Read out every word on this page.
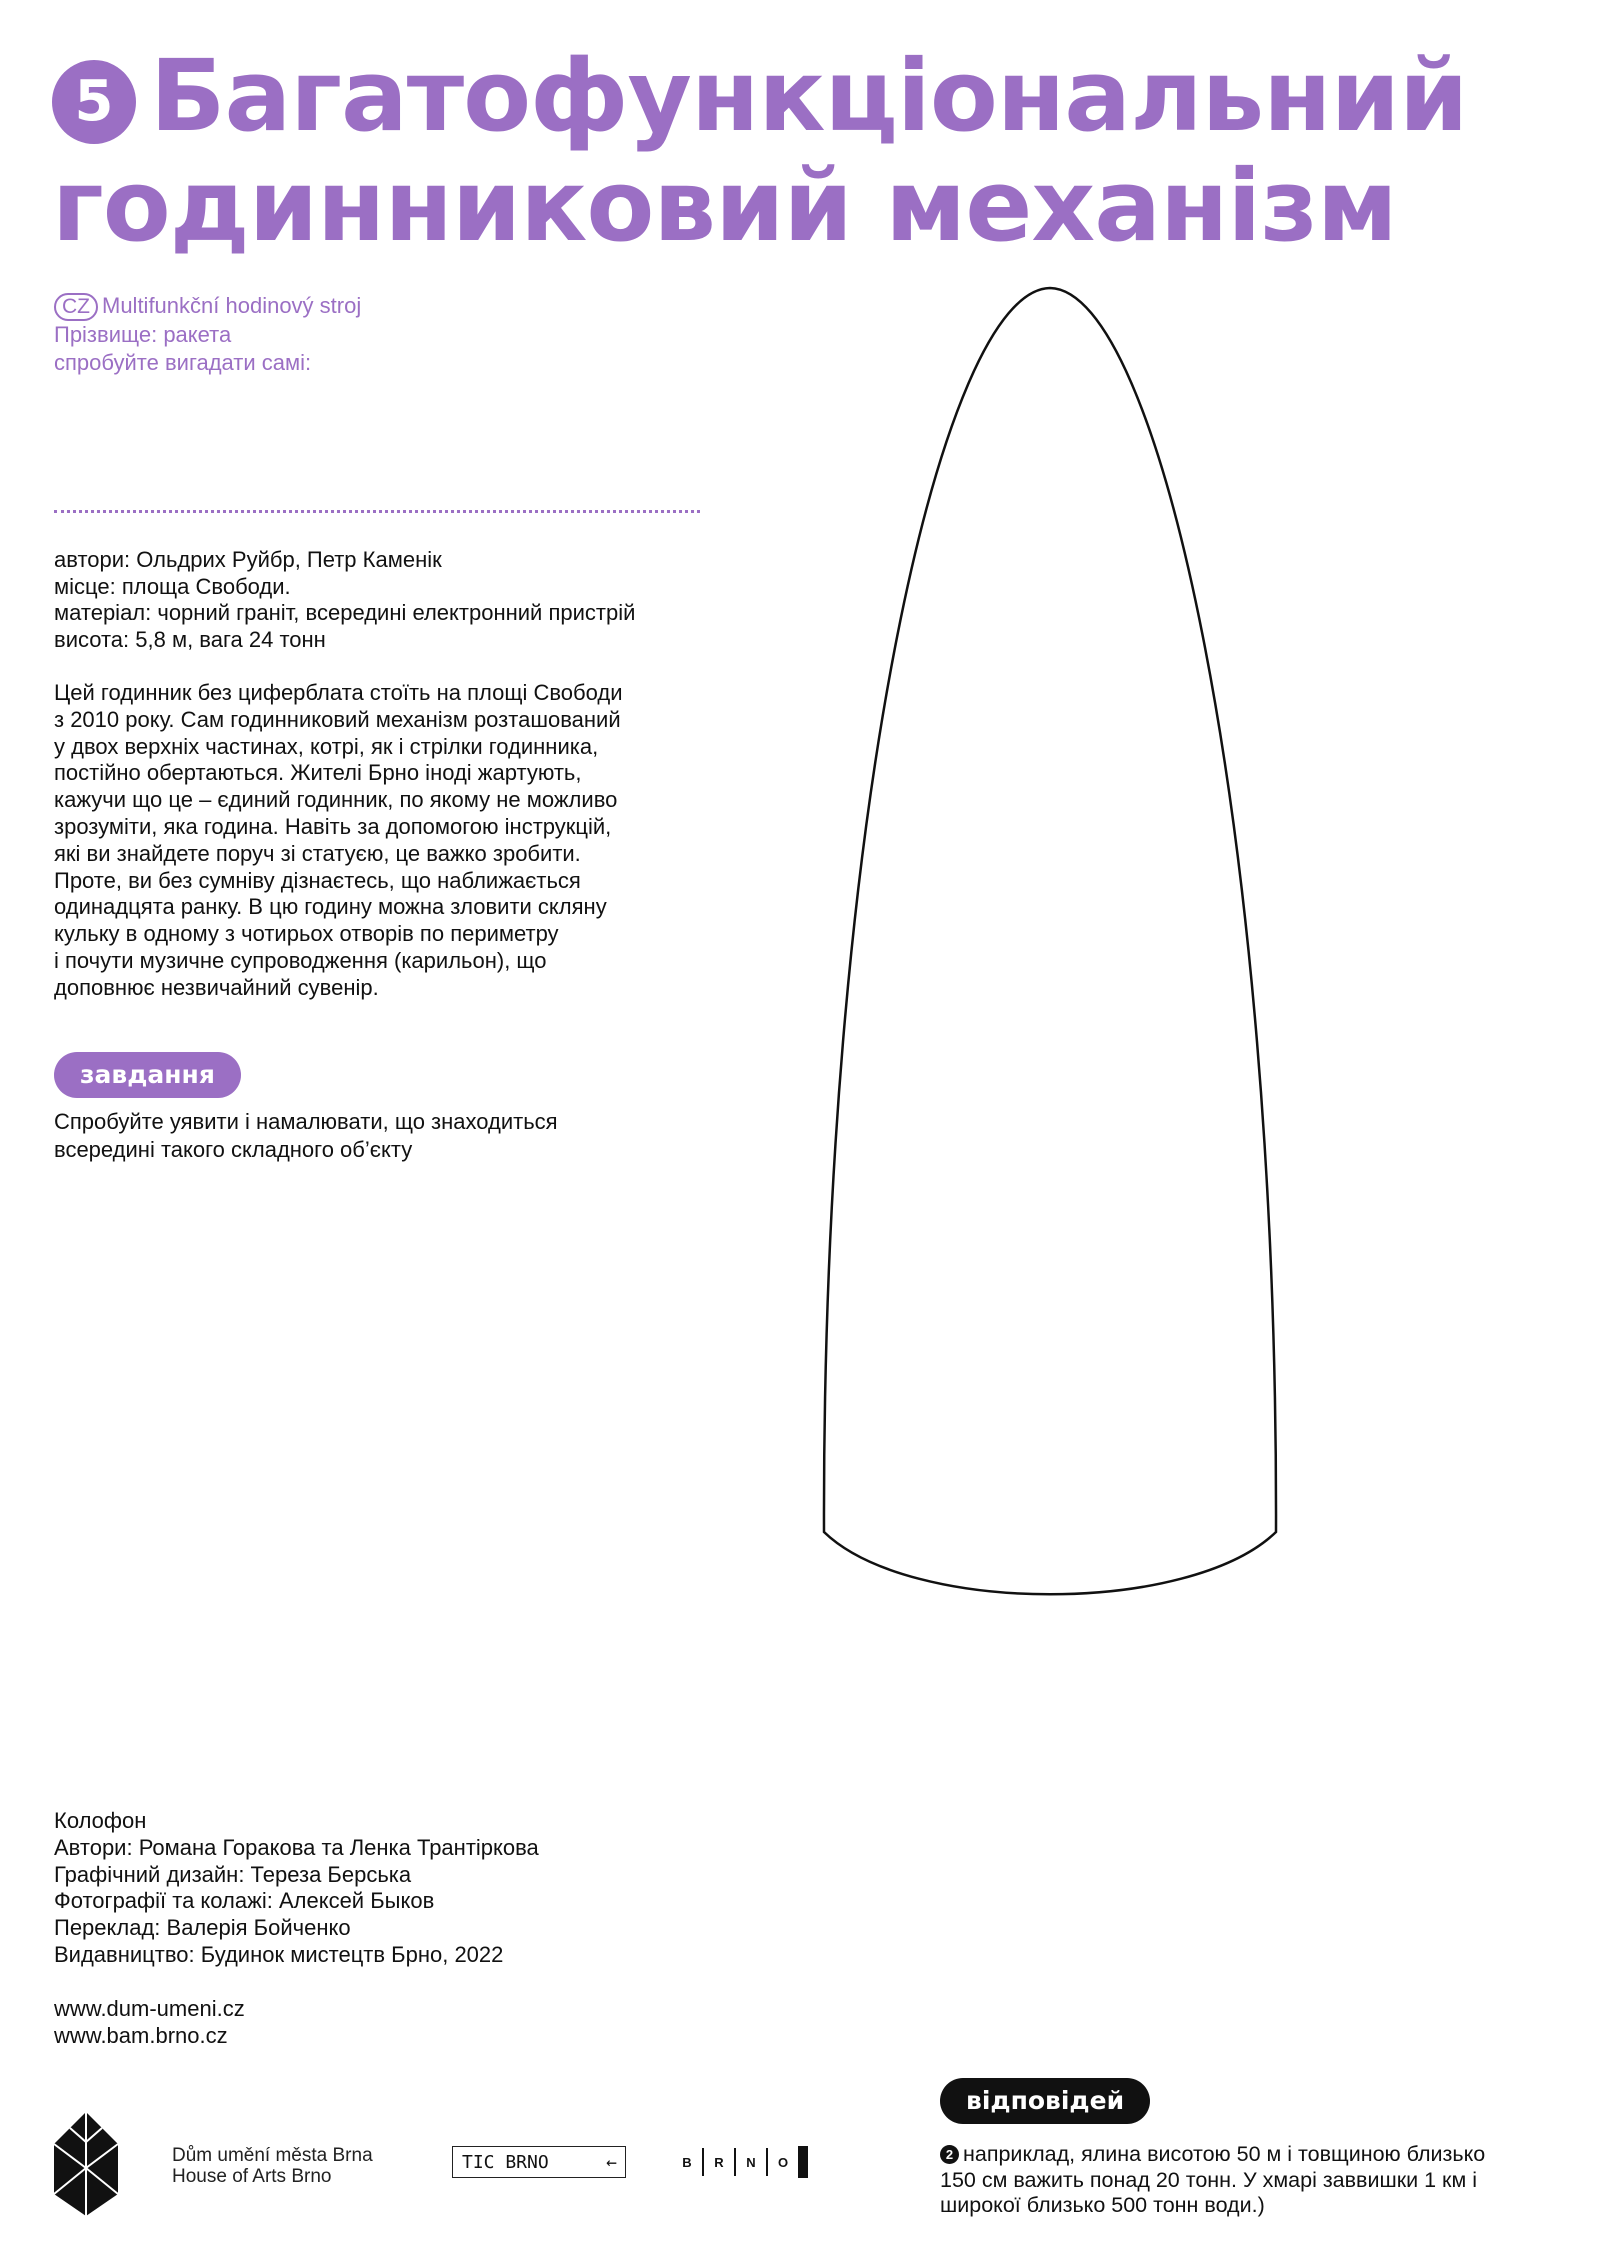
5 Багатофункціональний
годинниковий механізм
CZ Multifunkční hodinový stroj
Прізвище: ракета
спробуйте вигадати самі:
автори: Ольдрих Руйбр, Петр Каменік
місце: площа Свободи.
матеріал: чорний граніт, всередині електронний пристрій
висота: 5,8 м, вага 24 тонн
Цей годинник без циферблата стоїть на площі Свободи
з 2010 року. Сам годинниковий механізм розташований
у двох верхніх частинах, котрі, як і стрілки годинника,
постійно обертаються. Жителі Брно іноді жартують,
кажучи що це – єдиний годинник, по якому не можливо
зрозуміти, яка година. Навіть за допомогою інструкцій,
які ви знайдете поруч зі статуєю, це важко зробити.
Проте, ви без сумніву дізнаєтесь, що наближається
одинадцята ранку. В цю годину можна зловити скляну
кульку в одному з чотирьох отворів по периметру
і почути музичне супроводження (карильон), що
доповнює незвичайний сувенір.
завдання
Спробуйте уявити і намалювати, що знаходиться
всередині такого складного об’єкту
Колофон
Автори: Романа Горакова та Ленка Трантіркова
Графічний дизайн: Тереза Берська
Фотографії та колажі: Алексей Быков
Переклад: Валерія Бойченко
Видавництво: Будинок мистецтв Брно, 2022
www.dum-umeni.cz
www.bam.brno.cz
Dům umění města Brna
House of Arts Brno
TIC BRNO	←	B	R	N	O
відповідей
2 наприклад, ялина висотою 50 м і товщиною близько
150 см важить понад 20 тонн. У хмарі заввишки 1 км і
широкої близько 500 тонн води.)
